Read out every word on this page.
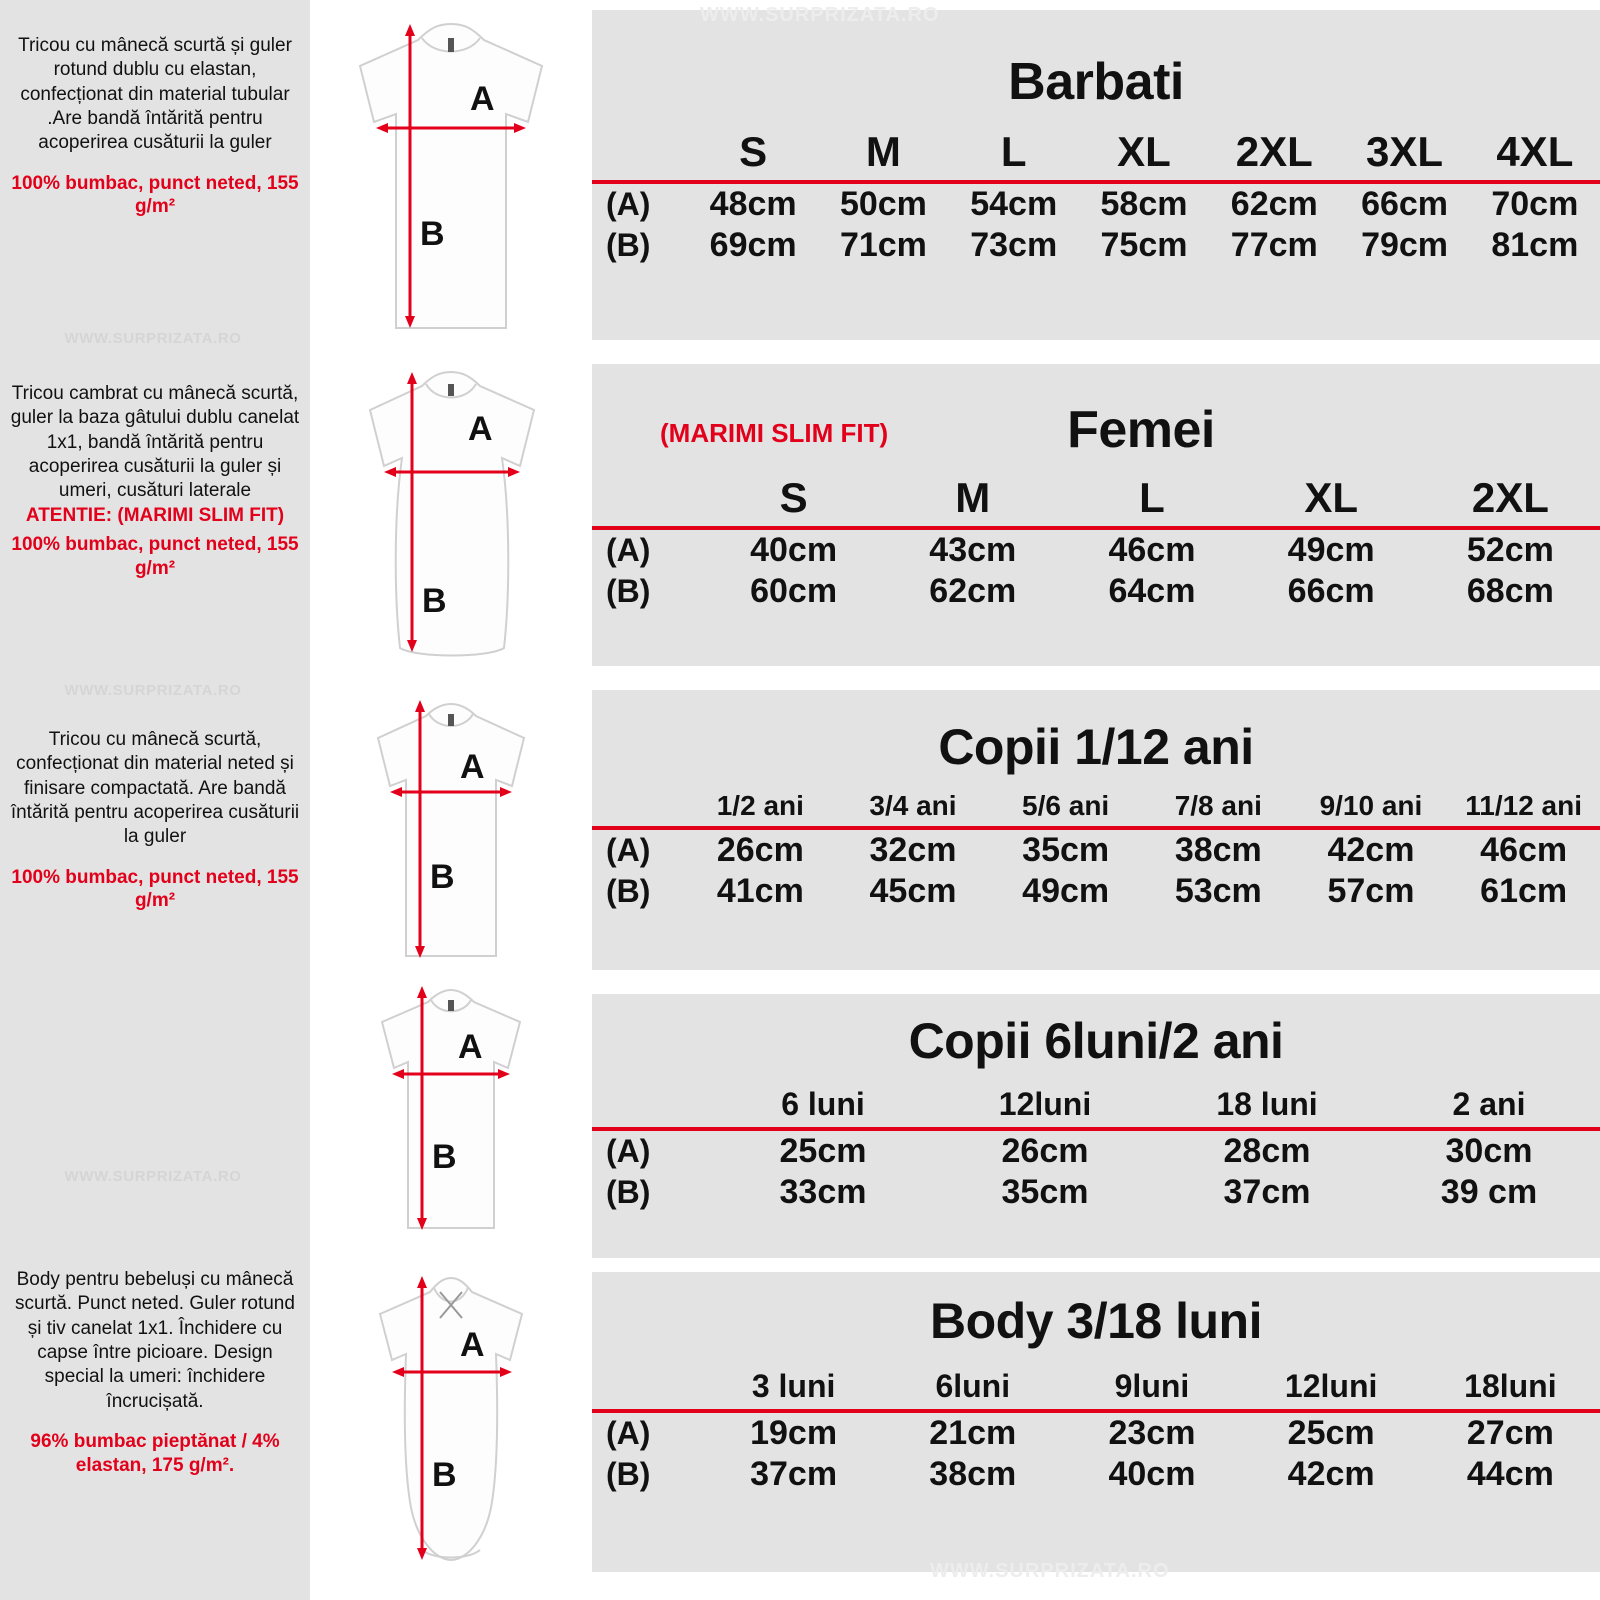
Tricou cu mânecă scurtă și guler rotund dublu cu elastan, confecționat din material tubular .Are bandă întărită pentru acoperirea cusăturii la guler
100% bumbac, punct neted, 155 g/m²
WWW.SURPRIZATA.RO
Tricou cambrat cu mânecă scurtă, guler la baza gâtului dublu canelat 1x1, bandă întărită pentru acoperirea cusăturii la guler și umeri, cusături laterale
ATENTIE: (MARIMI SLIM FIT)
100% bumbac, punct neted, 155 g/m²
WWW.SURPRIZATA.RO
Tricou cu mânecă scurtă, confecționat din material neted și finisare compactată. Are bandă întărită pentru acoperirea cusăturii la guler
100% bumbac, punct neted, 155 g/m²
WWW.SURPRIZATA.RO
Body pentru bebeluși cu mânecă scurtă. Punct neted. Guler rotund și tiv canelat 1x1. Închidere cu capse între picioare. Design special la umeri: închidere încrucișată.
96% bumbac pieptănat / 4% elastan, 175 g/m².
A
B
A
B
A
B
A
B
A
B
Barbati
	S	M	L	XL	2XL	3XL	4XL
(A)	48cm	50cm	54cm	58cm	62cm	66cm	70cm
(B)	69cm	71cm	73cm	75cm	77cm	79cm	81cm
(MARIMI SLIM FIT)	Femei
	S	M	L	XL	2XL
(A)	40cm	43cm	46cm	49cm	52cm
(B)	60cm	62cm	64cm	66cm	68cm
Copii 1/12 ani
	1/2 ani	3/4 ani	5/6 ani	7/8 ani	9/10 ani	11/12 ani
(A)	26cm	32cm	35cm	38cm	42cm	46cm
(B)	41cm	45cm	49cm	53cm	57cm	61cm
Copii 6luni/2 ani
	6 luni	12luni	18 luni	2 ani
(A)	25cm	26cm	28cm	30cm
(B)	33cm	35cm	37cm	39 cm
Body 3/18 luni
	3 luni	6luni	9luni	12luni	18luni
(A)	19cm	21cm	23cm	25cm	27cm
(B)	37cm	38cm	40cm	42cm	44cm
WWW.SURPRIZATA.RO
WWW.SURPRIZATA.RO
